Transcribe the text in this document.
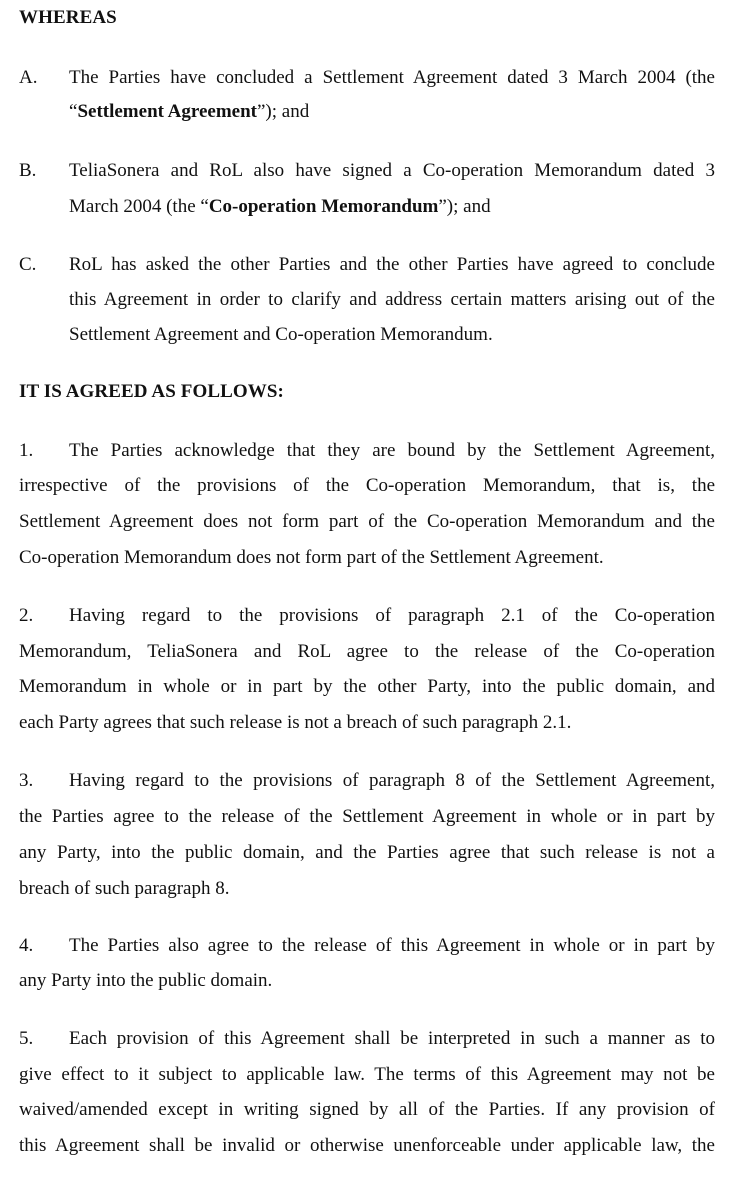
WHEREAS

A. The Parties have concluded a Settlement Agreement dated 3 March 2004 (the

“Settlement Agreement”); and

B. TeliaSonera and RoL also have signed a Co-operation Memorandum dated 3

March 2004 (the “Co-operation Memorandum”); and

C. RoL has asked the other Parties and the other Parties have agreed to conclude

this Agreement in order to clarify and address certain matters arising out of the

Settlement Agreement and Co-operation Memorandum.

IT IS AGREED AS FOLLOWS:

1. The Parties acknowledge that they are bound by the Settlement Agreement,

irrespective of the provisions of the Co-operation Memorandum, that is, the

Settlement Agreement does not form part of the Co-operation Memorandum and the

Co-operation Memorandum does not form part of the Settlement Agreement.

2. Having regard to the provisions of paragraph 2.1 of the Co-operation

Memorandum, TeliaSonera and RoL agree to the release of the Co-operation

Memorandum in whole or in part by the other Party, into the public domain, and

each Party agrees that such release is not a breach of such paragraph 2.1.

3. Having regard to the provisions of paragraph 8 of the Settlement Agreement,

the Parties agree to the release of the Settlement Agreement in whole or in part by

any Party, into the public domain, and the Parties agree that such release is not a

breach of such paragraph 8.

4. The Parties also agree to the release of this Agreement in whole or in part by

any Party into the public domain.

5. Each provision of this Agreement shall be interpreted in such a manner as to

give effect to it subject to applicable law. The terms of this Agreement may not be

waived/amended except in writing signed by all of the Parties. If any provision of

this Agreement shall be invalid or otherwise unenforceable under applicable law, the
